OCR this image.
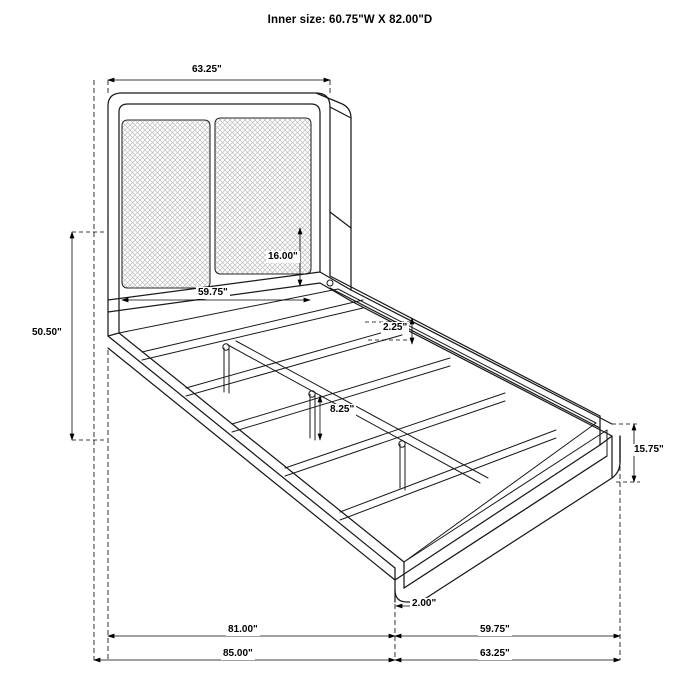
Inner size: 60.75"W X 82.00"D
63.25"
16.00"
59.75"
50.50"	2.25"
8.25"
15.75"
2.00"
81.00"	59.75"
85.00"	63.25"
